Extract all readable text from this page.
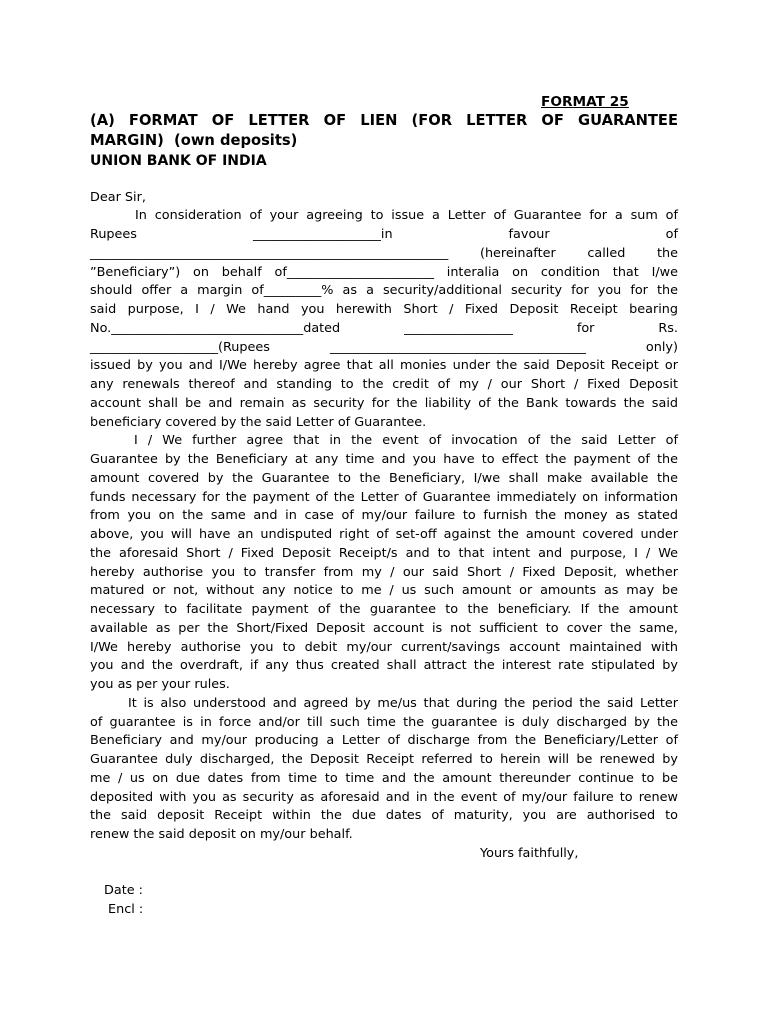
FORMAT 25
(A) FORMAT OF LETTER OF LIEN (FOR LETTER OF GUARANTEE
MARGIN)  (own deposits)
UNION BANK OF INDIA
Dear Sir,
In consideration of your agreeing to issue a Letter of Guarantee for a sum of
Rupees ____________________in favour of
________________________________________________________ (hereinafter called the
”Beneficiary”) on behalf of_______________________ interalia on condition that I/we
should offer a margin of_________% as a security/additional security for you for the
said purpose, I / We hand you herewith Short / Fixed Deposit Receipt bearing
No.______________________________dated _________________ for Rs.
____________________(Rupees ________________________________________ only)
issued by you and I/We hereby agree that all monies under the said Deposit Receipt or
any renewals thereof and standing to the credit of my / our Short / Fixed Deposit
account shall be and remain as security for the liability of the Bank towards the said
beneficiary covered by the said Letter of Guarantee.
I / We further agree that in the event of invocation of the said Letter of
Guarantee by the Beneficiary at any time and you have to effect the payment of the
amount covered by the Guarantee to the Beneficiary, I/we shall make available the
funds necessary for the payment of the Letter of Guarantee immediately on information
from you on the same and in case of my/our failure to furnish the money as stated
above, you will have an undisputed right of set-off against the amount covered under
the aforesaid Short / Fixed Deposit Receipt/s and to that intent and purpose, I / We
hereby authorise you to transfer from my / our said Short / Fixed Deposit, whether
matured or not, without any notice to me / us such amount or amounts as may be
necessary to facilitate payment of the guarantee to the beneficiary. If the amount
available as per the Short/Fixed Deposit account is not sufficient to cover the same,
I/We hereby authorise you to debit my/our current/savings account maintained with
you and the overdraft, if any thus created shall attract the interest rate stipulated by
you as per your rules.
It is also understood and agreed by me/us that during the period the said Letter
of guarantee is in force and/or till such time the guarantee is duly discharged by the
Beneficiary and my/our producing a Letter of discharge from the Beneficiary/Letter of
Guarantee duly discharged, the Deposit Receipt referred to herein will be renewed by
me / us on due dates from time to time and the amount thereunder continue to be
deposited with you as security as aforesaid and in the event of my/our failure to renew
the said deposit Receipt within the due dates of maturity, you are authorised to
renew the said deposit on my/our behalf.
Yours faithfully,
Date :
Encl :
